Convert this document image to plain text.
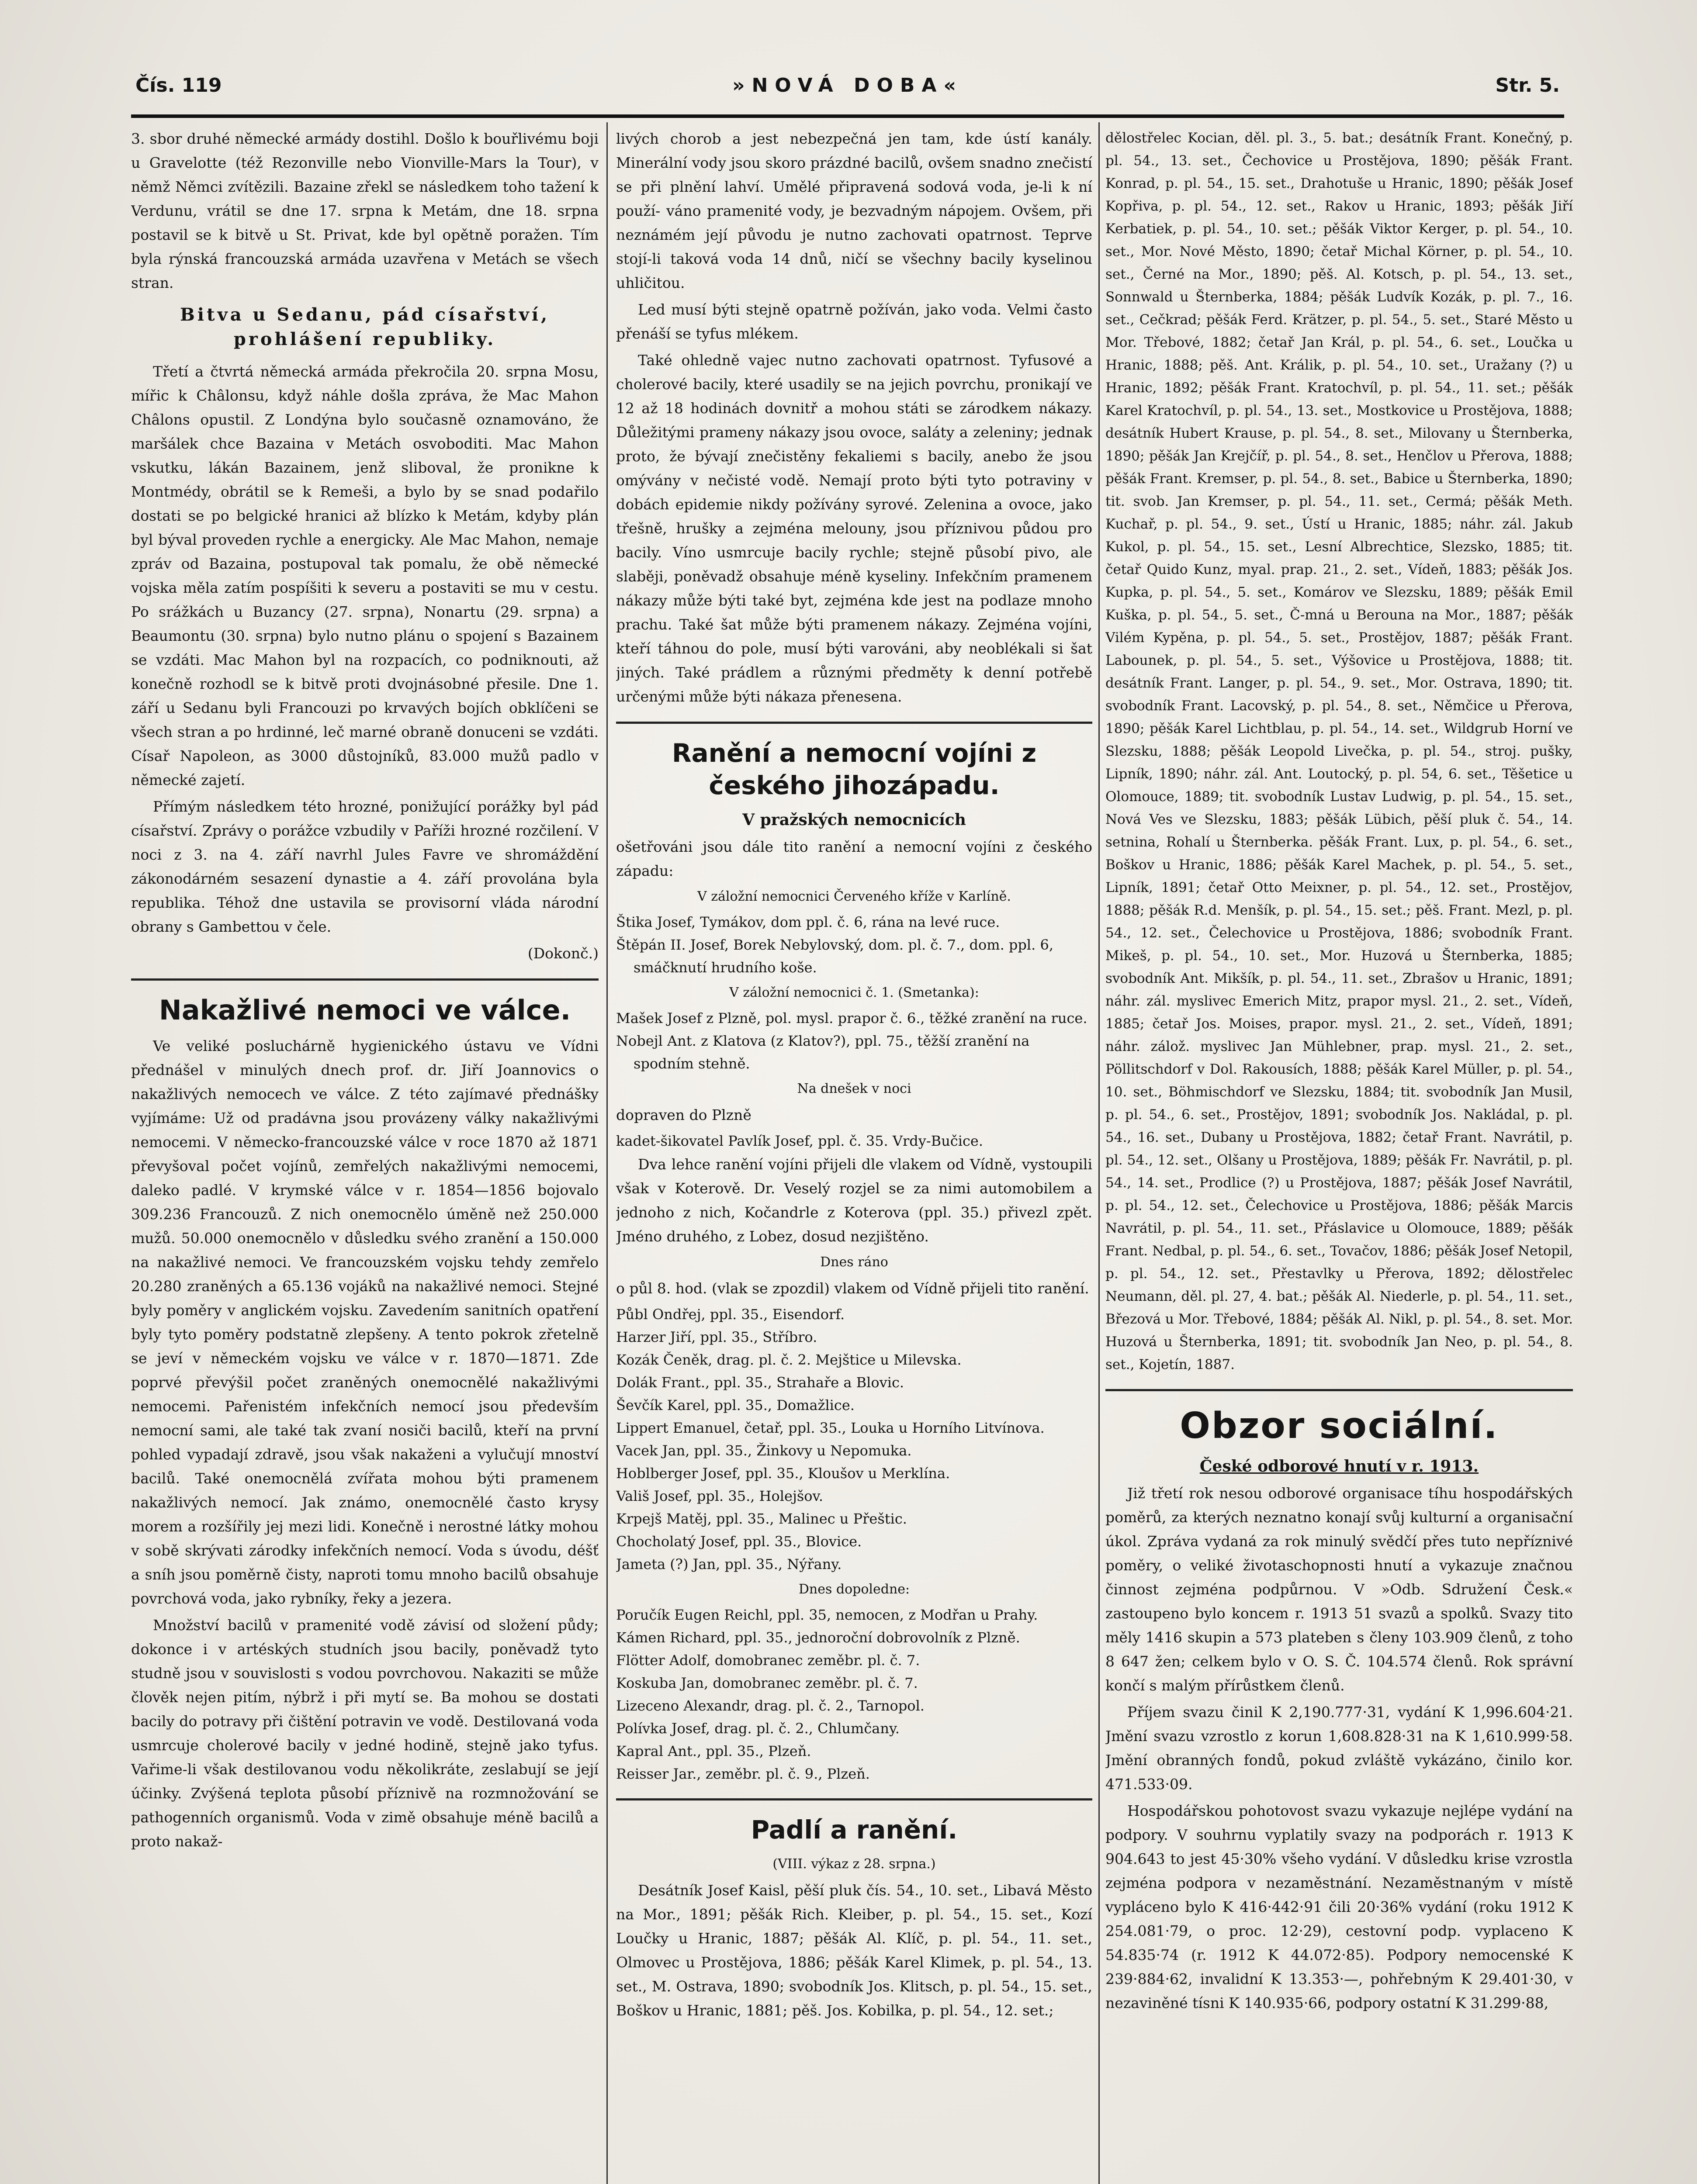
Čís. 119	»NOVÁ DOBA«	Str. 5.

3. sbor druhé německé armády dostihl. Došlo k bouřlivému boji u Gravelotte (též Rezonville nebo Vionville-Mars la Tour), v němž Němci zvítězili. Bazaine zřekl se následkem toho tažení k Verdunu, vrátil se dne 17. srpna k Metám, dne 18. srpna postavil se k bitvě u St. Privat, kde byl opětně poražen. Tím byla rýnská francouzská armáda uzavřena v Metách se všech stran.

Bitva u Sedanu, pád císařství, prohlášení republiky.

Třetí a čtvrtá německá armáda překročila 20. srpna Mosu, mířic k Châlonsu, když náhle došla zpráva, že Mac Mahon Châlons opustil. Z Londýna bylo současně oznamováno, že maršálek chce Bazaina v Metách osvoboditi. Mac Mahon vskutku, lákán Bazainem, jenž sliboval, že pronikne k Montmédy, obrátil se k Remeši, a bylo by se snad podařilo dostati se po belgické hranici až blízko k Metám, kdyby plán byl býval proveden rychle a energicky. Ale Mac Mahon, nemaje zpráv od Bazaina, postupoval tak pomalu, že obě německé vojska měla zatím pospíšiti k severu a postaviti se mu v cestu. Po srážkách u Buzancy (27. srpna), Nonartu (29. srpna) a Beaumontu (30. srpna) bylo nutno plánu o spojení s Bazainem se vzdáti. Mac Mahon byl na rozpacích, co podniknouti, až konečně rozhodl se k bitvě proti dvojnásobné přesile. Dne 1. září u Sedanu byli Francouzi po krvavých bojích obklíčeni se všech stran a po hrdinné, leč marné obraně donuceni se vzdáti. Císař Napoleon, as 3000 důstojníků, 83.000 mužů padlo v německé zajetí.

Přímým následkem této hrozné, ponižující porážky byl pád císařství. Zprávy o porážce vzbudily v Paříži hrozné rozčilení. V noci z 3. na 4. září navrhl Jules Favre ve shromáždění zákonodárném sesazení dynastie a 4. září provolána byla republika. Téhož dne ustavila se provisorní vláda národní obrany s Gambettou v čele.

(Dokonč.)

Nakažlivé nemoci ve válce.

Ve veliké posluchárně hygienického ústavu ve Vídni přednášel v minulých dnech prof. dr. Jiří Joannovics o nakažlivých nemocech ve válce. Z této zajímavé přednášky vyjímáme: Už od pradávna jsou provázeny války nakažlivými nemocemi. V německo-francouzské válce v roce 1870 až 1871 převyšoval počet vojínů, zemřelých nakažlivými nemocemi, daleko padlé. V krymské válce v r. 1854—1856 bojovalo 309.236 Francouzů. Z nich onemocnělo úměně než 250.000 mužů. 50.000 onemocnělo v důsledku svého zranění a 150.000 na nakažlivé nemoci. Ve francouzském vojsku tehdy zemřelo 20.280 zraněných a 65.136 vojáků na nakažlivé nemoci. Stejné byly poměry v anglickém vojsku. Zavedením sanitních opatření byly tyto poměry podstatně zlepšeny. A tento pokrok zřetelně se jeví v německém vojsku ve válce v r. 1870—1871. Zde poprvé převýšil počet zraněných onemocnělé nakažlivými nemocemi. Pařenistém infekčních nemocí jsou především nemocní sami, ale také tak zvaní nosiči bacilů, kteří na první pohled vypadají zdravě, jsou však nakaženi a vylučují mnoství bacilů. Také onemocnělá zvířata mohou býti pramenem nakažlivých nemocí. Jak známo, onemocnělé často krysy morem a rozšířily jej mezi lidi. Konečně i nerostné látky mohou v sobě skrývati zárodky infekčních nemocí. Voda s úvodu, déšť a sníh jsou poměrně čisty, naproti tomu mnoho bacilů obsahuje povrchová voda, jako rybníky, řeky a jezera.

Množství bacilů v pramenité vodě závisí od složení půdy; dokonce i v artéských studních jsou bacily, poněvadž tyto studně jsou v souvislosti s vodou povrchovou. Nakaziti se může člověk nejen pitím, nýbrž i při mytí se. Ba mohou se dostati bacily do potravy při čištění potravin ve vodě. Destilovaná voda usmrcuje cholerové bacily v jedné hodině, stejně jako tyfus. Vařime-li však destilovanou vodu několikráte, zeslabují se její účinky. Zvýšená teplota působí příznivě na rozmnožování se pathogenních organismů. Voda v zimě obsahuje méně bacilů a proto nakaž-

livých chorob a jest nebezpečná jen tam, kde ústí kanály. Minerální vody jsou skoro prázdné bacilů, ovšem snadno znečistí se při plnění lahví. Umělé připravená sodová voda, je-li k ní použí- váno pramenité vody, je bezvadným nápojem. Ovšem, při neznámém její původu je nutno zachovati opatrnost. Teprve stojí-li taková voda 14 dnů, ničí se všechny bacily kyselinou uhličitou.

Led musí býti stejně opatrně požíván, jako voda. Velmi často přenáší se tyfus mlékem.

Také ohledně vajec nutno zachovati opatrnost. Tyfusové a cholerové bacily, které usadily se na jejich povrchu, pronikají ve 12 až 18 hodinách dovnitř a mohou státi se zárodkem nákazy. Důležitými prameny nákazy jsou ovoce, saláty a zeleniny; jednak proto, že bývají znečistěny fekaliemi s bacily, anebo že jsou omývány v nečisté vodě. Nemají proto býti tyto potraviny v dobách epidemie nikdy požívány syrové. Zelenina a ovoce, jako třešně, hrušky a zejména melouny, jsou příznivou půdou pro bacily. Víno usmrcuje bacily rychle; stejně působí pivo, ale slaběji, poněvadž obsahuje méně kyseliny. Infekčním pramenem nákazy může býti také byt, zejména kde jest na podlaze mnoho prachu. Také šat může býti pramenem nákazy. Zejména vojíni, kteří táhnou do pole, musí býti varováni, aby neoblékali si šat jiných. Také prádlem a různými předměty k denní potřebě určenými může býti nákaza přenesena.

Ranění a nemocní vojíni z českého jihozápadu.
V pražských nemocnicích

ošetřováni jsou dále tito ranění a nemocní vojíni z českého západu:

V záložní nemocnici Červeného kříže v Karlíně.

Štika Josef, Tymákov, dom ppl. č. 6, rána na levé ruce.

Štěpán II. Josef, Borek Nebylovský, dom. pl. č. 7., dom. ppl. 6, smáčknutí hrudního koše.

V záložní nemocnici č. 1. (Smetanka):

Mašek Josef z Plzně, pol. mysl. prapor č. 6., těžké zranění na ruce.

Nobejl Ant. z Klatova (z Klatov?), ppl. 75., těžší zranění na spodním stehně.

Na dnešek v noci

dopraven do Plzně

kadet-šikovatel Pavlík Josef, ppl. č. 35. Vrdy-Bučice.

Dva lehce ranění vojíni přijeli dle vlakem od Vídně, vystoupili však v Koterově. Dr. Veselý rozjel se za nimi automobilem a jednoho z nich, Kočandrle z Koterova (ppl. 35.) přivezl zpět. Jméno druhého, z Lobez, dosud nezjištěno.

Dnes ráno

o půl 8. hod. (vlak se zpozdil) vlakem od Vídně přijeli tito ranění.

Půbl Ondřej, ppl. 35., Eisendorf.

Harzer Jiří, ppl. 35., Stříbro.

Kozák Čeněk, drag. pl. č. 2. Mejštice u Milevska.

Dolák Frant., ppl. 35., Strahaře a Blovic.

Ševčík Karel, ppl. 35., Domažlice.

Lippert Emanuel, četař, ppl. 35., Louka u Horního Litvínova.

Vacek Jan, ppl. 35., Žinkovy u Nepomuka.

Hoblberger Josef, ppl. 35., Kloušov u Merklína.

Vališ Josef, ppl. 35., Holejšov.

Krpejš Matěj, ppl. 35., Malinec u Přeštic.

Chocholatý Josef, ppl. 35., Blovice.

Jameta (?) Jan, ppl. 35., Nýřany.

Dnes dopoledne:

Poručík Eugen Reichl, ppl. 35, nemocen, z Modřan u Prahy.

Kámen Richard, ppl. 35., jednoroční dobrovolník z Plzně.

Flötter Adolf, domobranec zeměbr. pl. č. 7.

Koskuba Jan, domobranec zeměbr. pl. č. 7.

Lizeceno Alexandr, drag. pl. č. 2., Tarnopol.

Polívka Josef, drag. pl. č. 2., Chlumčany.

Kapral Ant., ppl. 35., Plzeň.

Reisser Jar., zeměbr. pl. č. 9., Plzeň.

Padlí a ranění.
(VIII. výkaz z 28. srpna.)

Desátník Josef Kaisl, pěší pluk čís. 54., 10. set., Libavá Město na Mor., 1891; pěšák Rich. Kleiber, p. pl. 54., 15. set., Kozí Loučky u Hranic, 1887; pěšák Al. Klíč, p. pl. 54., 11. set., Olmovec u Prostějova, 1886; pěšák Karel Klimek, p. pl. 54., 13. set., M. Ostrava, 1890; svobodník Jos. Klitsch, p. pl. 54., 15. set., Boškov u Hranic, 1881; pěš. Jos. Kobilka, p. pl. 54., 12. set.;

dělostřelec Kocian, děl. pl. 3., 5. bat.; desátník Frant. Konečný, p. pl. 54., 13. set., Čechovice u Prostějova, 1890; pěšák Frant. Konrad, p. pl. 54., 15. set., Drahotuše u Hranic, 1890; pěšák Josef Kopřiva, p. pl. 54., 12. set., Rakov u Hranic, 1893; pěšák Jiří Kerbatiek, p. pl. 54., 10. set.; pěšák Viktor Kerger, p. pl. 54., 10. set., Mor. Nové Město, 1890; četař Michal Körner, p. pl. 54., 10. set., Černé na Mor., 1890; pěš. Al. Kotsch, p. pl. 54., 13. set., Sonnwald u Šternberka, 1884; pěšák Ludvík Kozák, p. pl. 7., 16. set., Cečkrad; pěšák Ferd. Krätzer, p. pl. 54., 5. set., Staré Město u Mor. Třebové, 1882; četař Jan Král, p. pl. 54., 6. set., Loučka u Hranic, 1888; pěš. Ant. Králik, p. pl. 54., 10. set., Uražany (?) u Hranic, 1892; pěšák Frant. Kratochvíl, p. pl. 54., 11. set.; pěšák Karel Kratochvíl, p. pl. 54., 13. set., Mostkovice u Prostějova, 1888; desátník Hubert Krause, p. pl. 54., 8. set., Milovany u Šternberka, 1890; pěšák Jan Krejčíř, p. pl. 54., 8. set., Henčlov u Přerova, 1888; pěšák Frant. Kremser, p. pl. 54., 8. set., Babice u Šternberka, 1890; tit. svob. Jan Kremser, p. pl. 54., 11. set., Cermá; pěšák Meth. Kuchař, p. pl. 54., 9. set., Ústí u Hranic, 1885; náhr. zál. Jakub Kukol, p. pl. 54., 15. set., Lesní Albrechtice, Slezsko, 1885; tit. četař Quido Kunz, myal. prap. 21., 2. set., Vídeň, 1883; pěšák Jos. Kupka, p. pl. 54., 5. set., Komárov ve Slezsku, 1889; pěšák Emil Kuška, p. pl. 54., 5. set., Č-mná u Berouna na Mor., 1887; pěšák Vilém Kypěna, p. pl. 54., 5. set., Prostějov, 1887; pěšák Frant. Labounek, p. pl. 54., 5. set., Výšovice u Prostějova, 1888; tit. desátník Frant. Langer, p. pl. 54., 9. set., Mor. Ostrava, 1890; tit. svobodník Frant. Lacovský, p. pl. 54., 8. set., Němčice u Přerova, 1890; pěšák Karel Lichtblau, p. pl. 54., 14. set., Wildgrub Horní ve Slezsku, 1888; pěšák Leopold Livečka, p. pl. 54., stroj. pušky, Lipník, 1890; náhr. zál. Ant. Loutocký, p. pl. 54, 6. set., Těšetice u Olomouce, 1889; tit. svobodník Lustav Ludwig, p. pl. 54., 15. set., Nová Ves ve Slezsku, 1883; pěšák Lübich, pěší pluk č. 54., 14. setnina, Rohalí u Šternberka. pěšák Frant. Lux, p. pl. 54., 6. set., Boškov u Hranic, 1886; pěšák Karel Machek, p. pl. 54., 5. set., Lipník, 1891; četař Otto Meixner, p. pl. 54., 12. set., Prostějov, 1888; pěšák R.d. Menšík, p. pl. 54., 15. set.; pěš. Frant. Mezl, p. pl. 54., 12. set., Čelechovice u Prostějova, 1886; svobodník Frant. Mikeš, p. pl. 54., 10. set., Mor. Huzová u Šternberka, 1885; svobodník Ant. Mikšík, p. pl. 54., 11. set., Zbrašov u Hranic, 1891; náhr. zál. myslivec Emerich Mitz, prapor mysl. 21., 2. set., Vídeň, 1885; četař Jos. Moises, prapor. mysl. 21., 2. set., Vídeň, 1891; náhr. zálož. myslivec Jan Mühlebner, prap. mysl. 21., 2. set., Pöllitschdorf v Dol. Rakousích, 1888; pěšák Karel Müller, p. pl. 54., 10. set., Böhmischdorf ve Slezsku, 1884; tit. svobodník Jan Musil, p. pl. 54., 6. set., Prostějov, 1891; svobodník Jos. Nakládal, p. pl. 54., 16. set., Dubany u Prostějova, 1882; četař Frant. Navrátil, p. pl. 54., 12. set., Olšany u Prostějova, 1889; pěšák Fr. Navrátil, p. pl. 54., 14. set., Prodlice (?) u Prostějova, 1887; pěšák Josef Navrátil, p. pl. 54., 12. set., Čelechovice u Prostějova, 1886; pěšák Marcis Navrátil, p. pl. 54., 11. set., Přáslavice u Olomouce, 1889; pěšák Frant. Nedbal, p. pl. 54., 6. set., Tovačov, 1886; pěšák Josef Netopil, p. pl. 54., 12. set., Přestavlky u Přerova, 1892; dělostřelec Neumann, děl. pl. 27, 4. bat.; pěšák Al. Niederle, p. pl. 54., 11. set., Březová u Mor. Třebové, 1884; pěšák Al. Nikl, p. pl. 54., 8. set. Mor. Huzová u Šternberka, 1891; tit. svobodník Jan Neo, p. pl. 54., 8. set., Kojetín, 1887.

Obzor sociální.
České odborové hnutí v r. 1913.

Již třetí rok nesou odborové organisace tíhu hospodářských poměrů, za kterých neznatno konají svůj kulturní a organisační úkol. Zpráva vydaná za rok minulý svědčí přes tuto nepříznivé poměry, o veliké životaschopnosti hnutí a vykazuje značnou činnost zejména podpůrnou. V »Odb. Sdružení Česk.« zastoupeno bylo koncem r. 1913 51 svazů a spolků. Svazy tito měly 1416 skupin a 573 plateben s členy 103.909 členů, z toho 8 647 žen; celkem bylo v O. S. Č. 104.574 členů. Rok správní končí s malým přírůstkem členů.

Příjem svazu činil K 2,190.777·31, vydání K 1,996.604·21. Jmění svazu vzrostlo z korun 1,608.828·31 na K 1,610.999·58. Jmění obranných fondů, pokud zvláště vykázáno, činilo kor. 471.533·09.

Hospodářskou pohotovost svazu vykazuje nejlépe vydání na podpory. V souhrnu vyplatily svazy na podporách r. 1913 K 904.643 to jest 45·30% všeho vydání. V důsledku krise vzrostla zejména podpora v nezaměstnání. Nezaměstnaným v místě vypláceno bylo K 416·442·91 čili 20·36% vydání (roku 1912 K 254.081·79, o proc. 12·29), cestovní podp. vyplaceno K 54.835·74 (r. 1912 K 44.072·85). Podpory nemocenské K 239·884·62, invalidní K 13.353·—, pohřebným K 29.401·30, v nezaviněné tísni K 140.935·66, podpory ostatní K 31.299·88,
